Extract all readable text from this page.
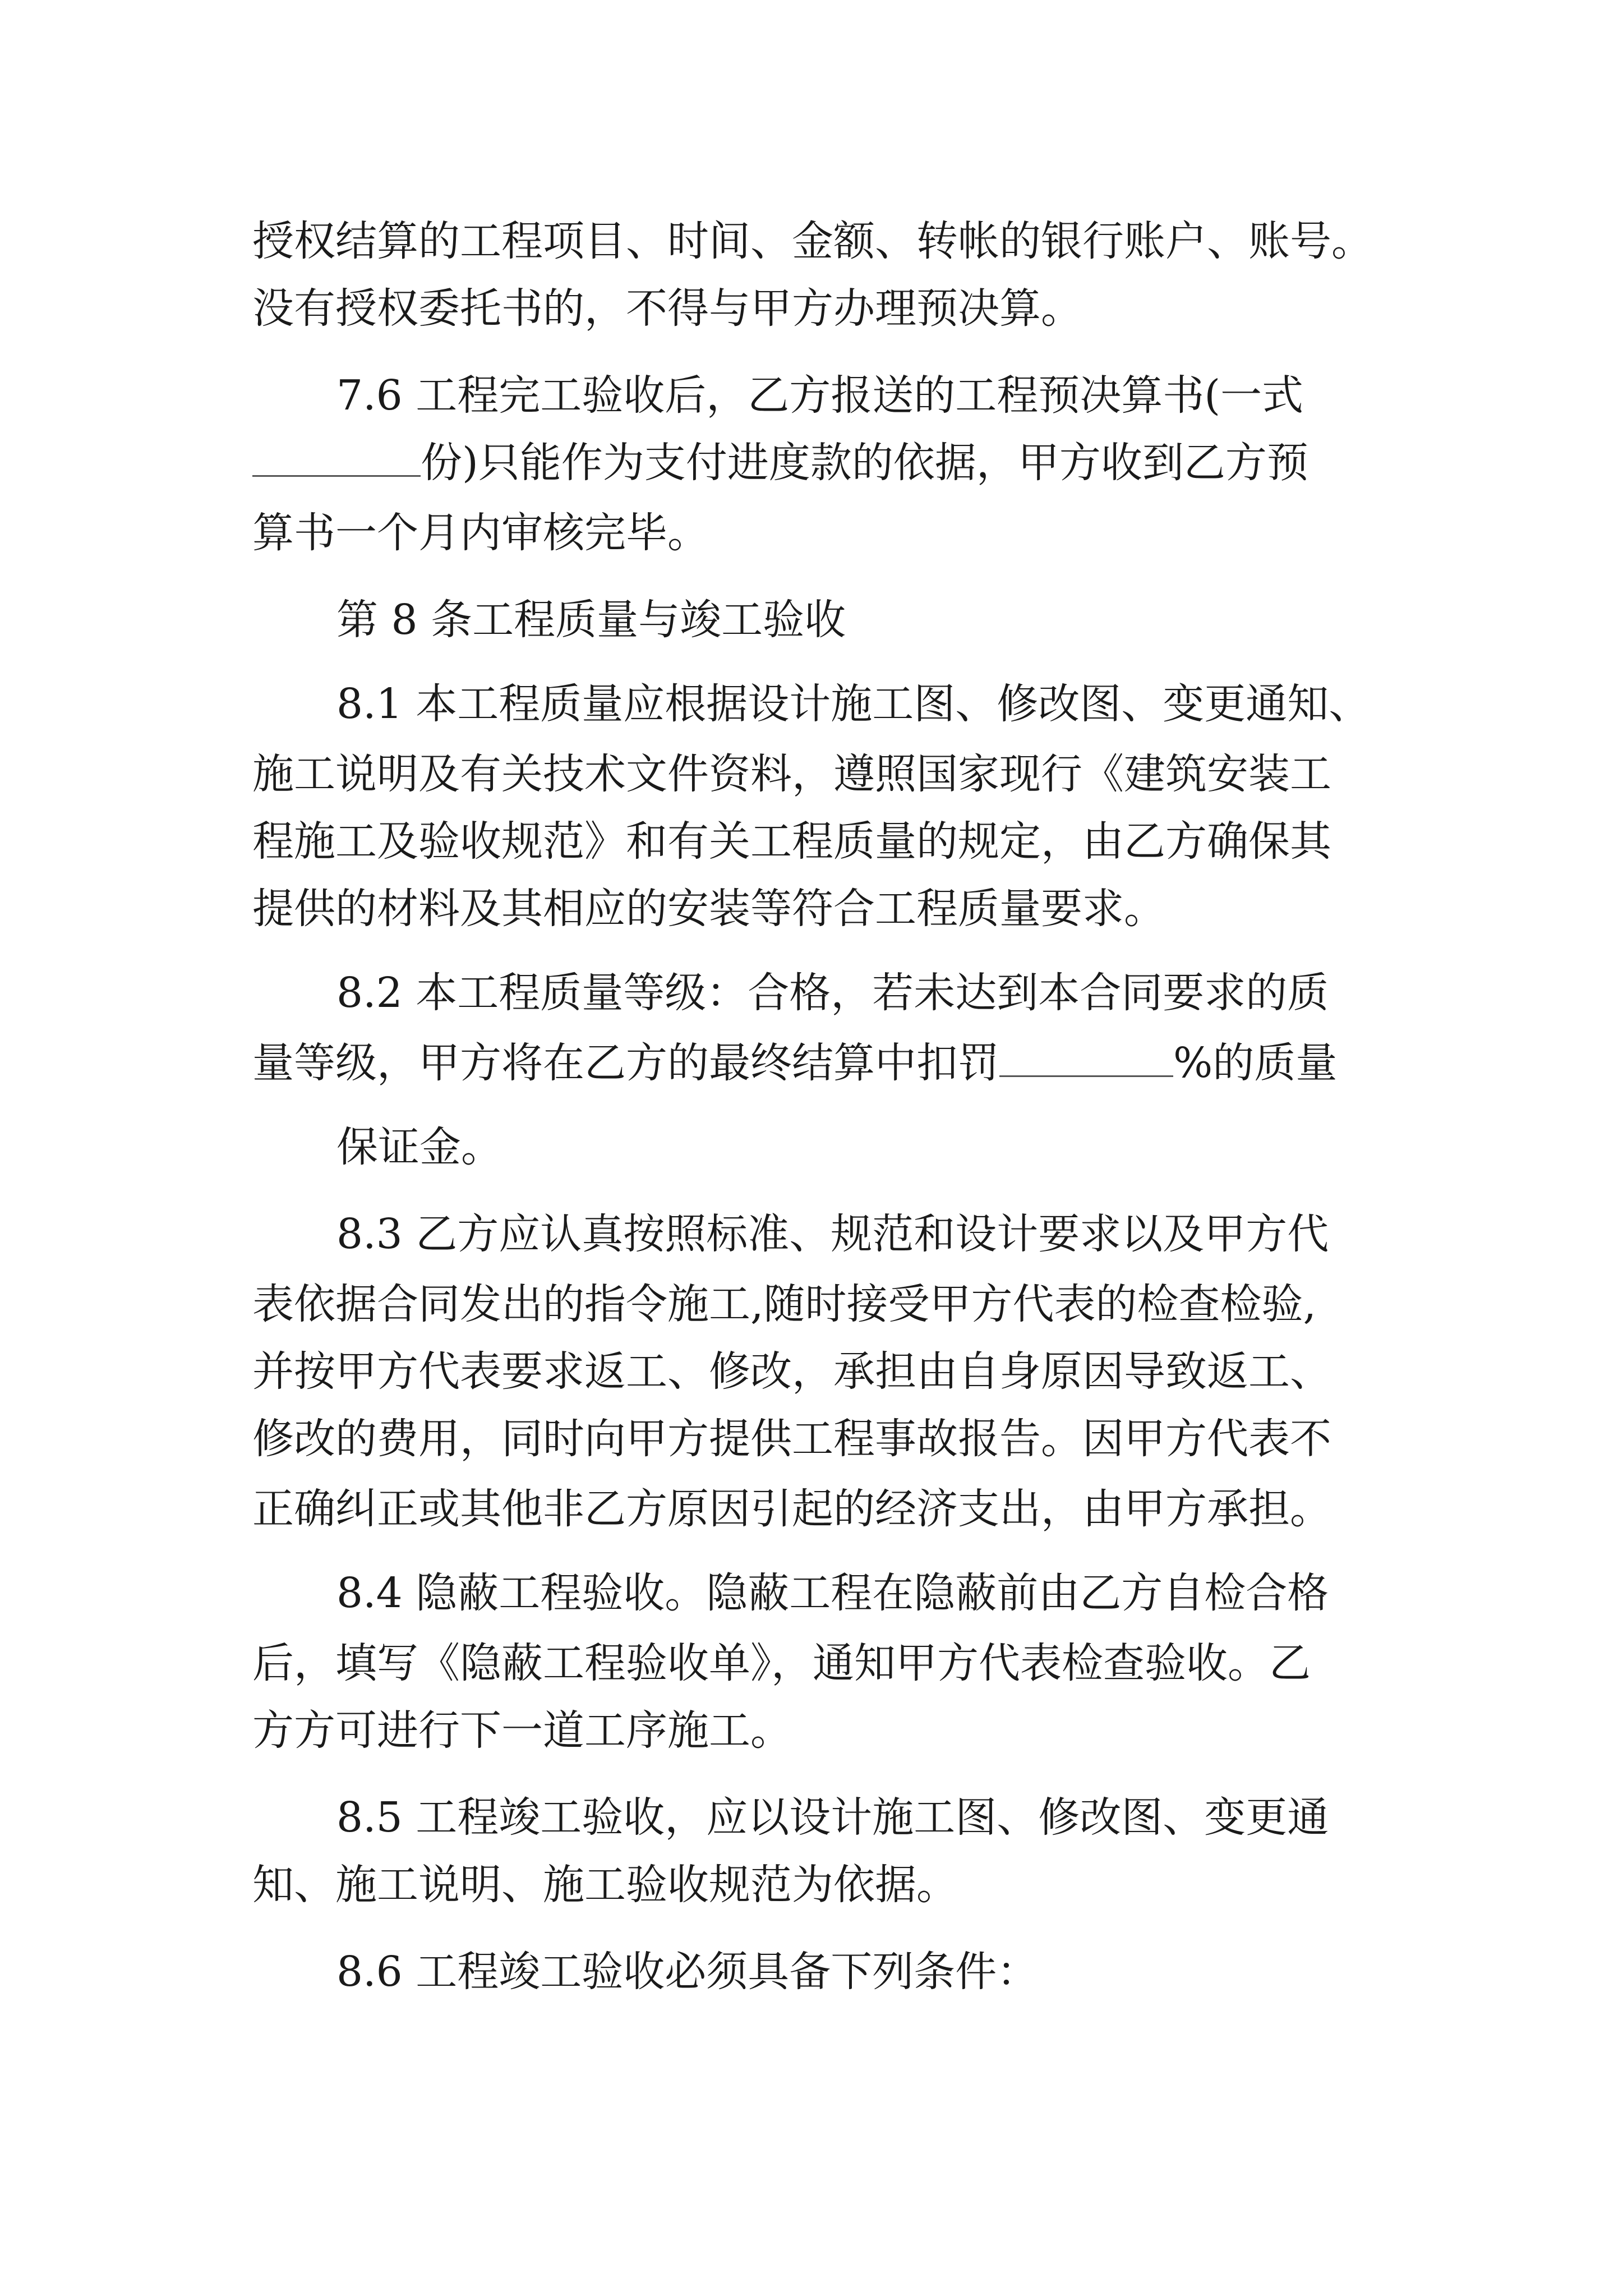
授权结算的工程项目、时间、金额、转帐的银行账户、账号。

没有授权委托书的，不得与甲方办理预决算。

7.6 工程完工验收后，乙方报送的工程预决算书(一式

份)只能作为支付进度款的依据，甲方收到乙方预

算书一个月内审核完毕。

第 8 条工程质量与竣工验收

8.1 本工程质量应根据设计施工图、修改图、变更通知、

施工说明及有关技术文件资料，遵照国家现行《建筑安装工

程施工及验收规范》和有关工程质量的规定，由乙方确保其

提供的材料及其相应的安装等符合工程质量要求。

8.2 本工程质量等级：合格，若未达到本合同要求的质

量等级，甲方将在乙方的最终结算中扣罚	%的质量

保证金。

8.3 乙方应认真按照标准、规范和设计要求以及甲方代

表依据合同发出的指令施工,随时接受甲方代表的检查检验,

并按甲方代表要求返工、修改，承担由自身原因导致返工、

修改的费用，同时向甲方提供工程事故报告。因甲方代表不

正确纠正或其他非乙方原因引起的经济支出，由甲方承担。

8.4 隐蔽工程验收。隐蔽工程在隐蔽前由乙方自检合格

后，填写《隐蔽工程验收单》，通知甲方代表检查验收。乙

方方可进行下一道工序施工。

8.5 工程竣工验收，应以设计施工图、修改图、变更通

知、施工说明、施工验收规范为依据。

8.6 工程竣工验收必须具备下列条件：
